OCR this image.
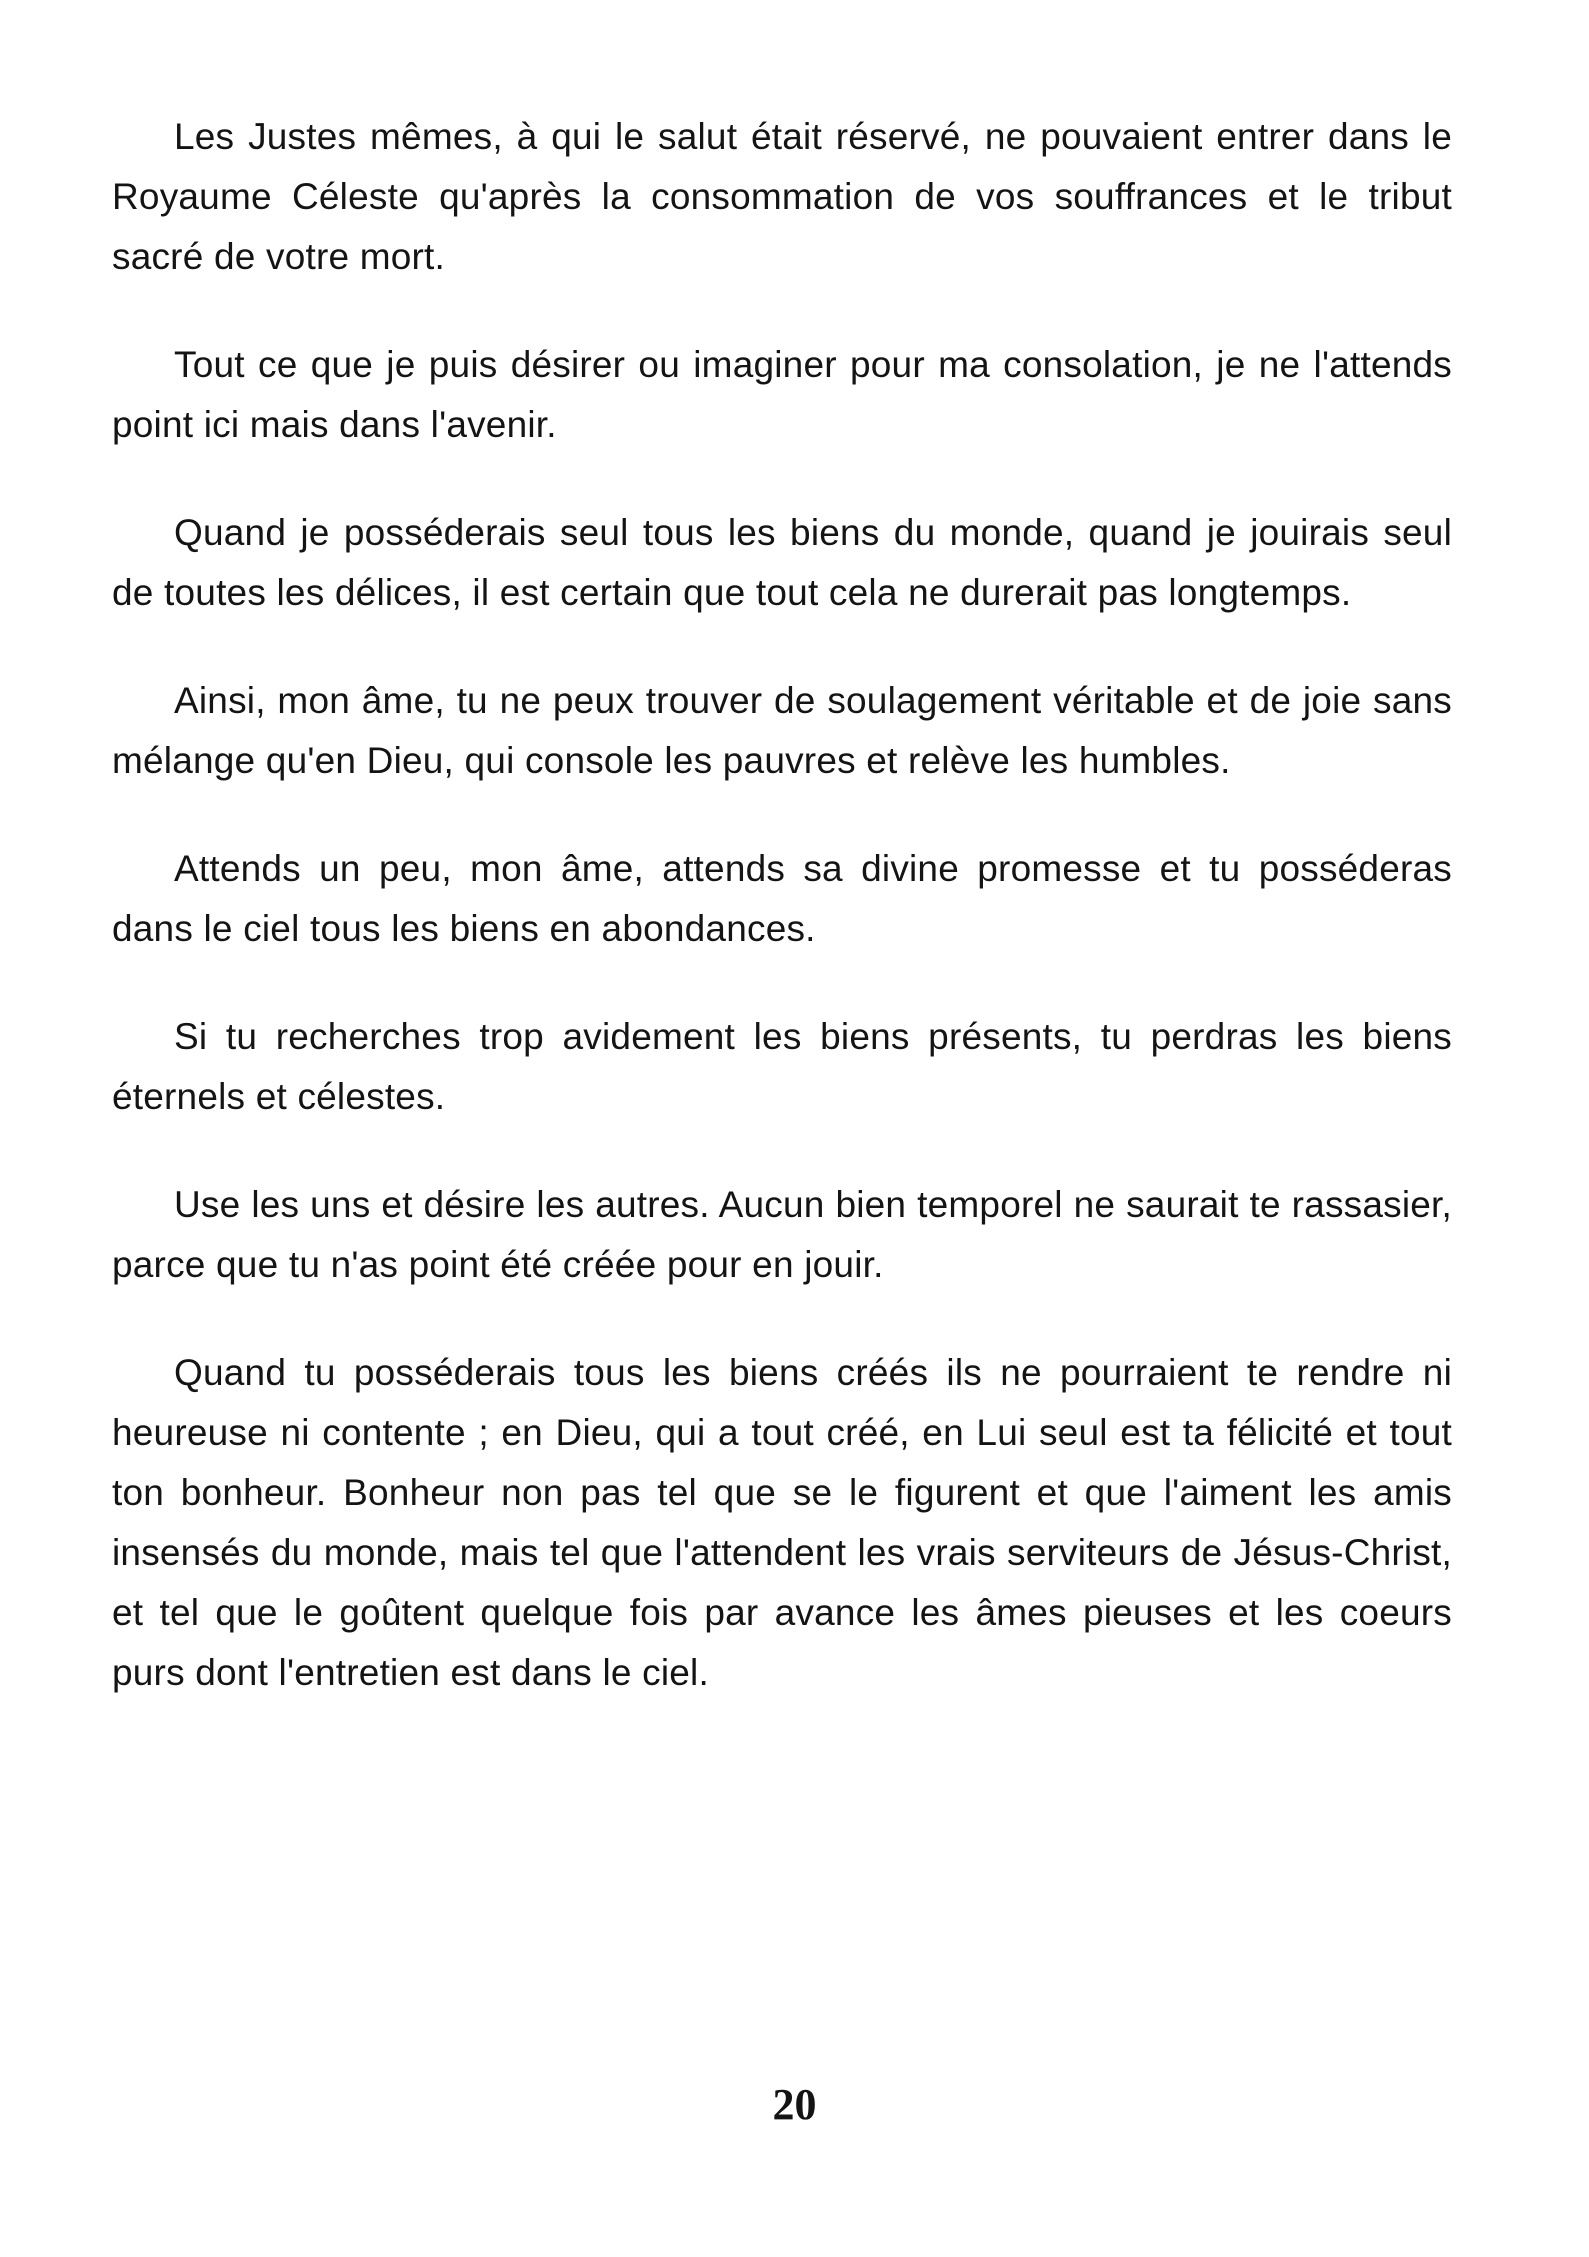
Les Justes mêmes, à qui le salut était réservé, ne pouvaient entrer dans le Royaume Céleste qu'après la consommation de vos souffrances et le tribut sacré de votre mort.

Tout ce que je puis désirer ou imaginer pour ma consolation, je ne l'attends point ici mais dans l'avenir.

Quand je posséderais seul tous les biens du monde, quand je jouirais seul de toutes les délices, il est certain que tout cela ne durerait pas longtemps.

Ainsi, mon âme, tu ne peux trouver de soulagement véritable et de joie sans mélange qu'en Dieu, qui console les pauvres et relève les humbles.

Attends un peu, mon âme, attends sa divine promesse et tu posséderas dans le ciel tous les biens en abondances.

Si tu recherches trop avidement les biens présents, tu perdras les biens éternels et célestes.

Use les uns et désire les autres. Aucun bien temporel ne saurait te rassasier, parce que tu n'as point été créée pour en jouir.

Quand tu posséderais tous les biens créés ils ne pourraient te rendre ni heureuse ni contente ; en Dieu, qui a tout créé, en Lui seul est ta félicité et tout ton bonheur. Bonheur non pas tel que se le figurent et que l'aiment les amis insensés du monde, mais tel que l'attendent les vrais serviteurs de Jésus-Christ, et tel que le goûtent quelque fois par avance les âmes pieuses et les coeurs purs dont l'entretien est dans le ciel.

20
